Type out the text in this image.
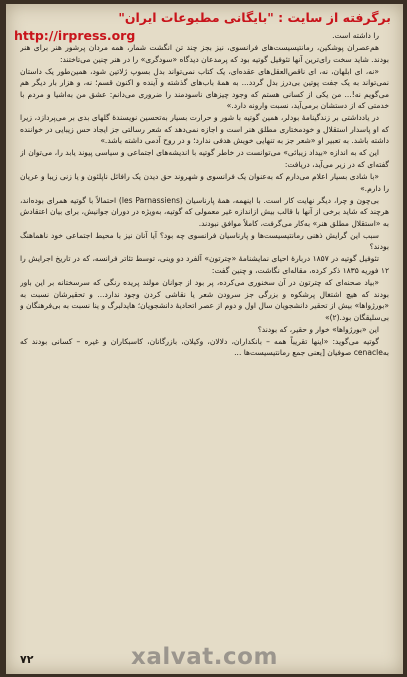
برگرفته از سایت : "بایگانی مطبوعات ایران"
http://irpress.org	را داشته است.

هم‌عصران پوشکین، رمانتیسیست‌های فرانسوی، نیز بجز چند تن انگشت شمار، همه مردان پرشور هنر برای هنر بودند. شاید سخت رای‌ترین آنها تئوفیل گوتیه بود که پرمدعان دیدگاه «سودگری» را در هنر چنین می‌تاختند:

«نه، ای ابلهان، نه، ای ناقص‌العقل‌های عقده‌ای، یک کتاب نمی‌تواند بدل بسوپ ژلاتین شود، همین‌طور یک داستان نمی‌تواند به یک جفت پوتین بی‌درز بدل گردد... به همهٔ باب‌های گذشته و آینده و اکنون قسم؛ نه، و هزار بار دیگر هم می‌گویم نه!... من یکی از کسانی هستم که وجود چیزهای ناسودمند را ضروری می‌دانم: عشق من به‌اشیا و مردم با خدمتی که از دستشان برمی‌آید، نسبت وارونه دارد.»

در یادداشتی بر زندگینامهٔ بودلر، همین گوتیه با شور و حرارت بسیار به‌تحسین نویسندهٔ گلهای بدی بر می‌پردازد، زیرا که او پاسدار استقلال و خودمختاری مطلق هنر است و اجازه نمی‌دهد که شعر رسالتی جز ایجاد حس زیبایی در خواننده داشته باشد. به تعبیر او «شعر جز به تنهایی خویش هدفی ندارد؛ و در روح آدمی داشته باشد.»

این که به اندازه «بیداد زیبائی» می‌توانست در خاطر گوتیه با اندیشه‌های اجتماعی و سیاسی پیوند یابد را، می‌توان از گفته‌ای که در زیر می‌آید، دریافت:

«با شادی بسیار اعلام می‌دارم که به‌عنوان یک فرانسوی و شهروند حق دیدن یک رافائل ناپلئون و یا زنی زیبا و عریان را دارم.»

بی‌چون و چرا، دیگر نهایت کار است. با اینهمه، همهٔ پارناسیان (les Parnassiens) احتمالاً با گوتیه همرای بوده‌اند، هرچند که شاید برخی از آنها با قالب بیش ازاندازه غیر معمولی که گوتیه، به‌ویژه در دوران جوانیش، برای بیان اعتقادش به «استقلال مطلق هنر» به‌کار می‌گرفت، کاملاً موافق نبودند.

سبب این گرایش ذهنی رمانتیسیست‌ها و پارناسیان فرانسوی چه بود؟ آیا آنان نیز با محیط اجتماعی خود ناهماهنگ بودند؟

تئوفیل گوتیه در ۱۸۵۷ دربارهٔ احیای نمایشنامهٔ «چترتون» آلفرد دو وینی، توسط تئاتر فرانسه، که در تاریخ اجرایش را ۱۲ فوریه ۱۸۳۵ ذکر کرده، مقاله‌ای نگاشت، و چنین گفت:

«بیاد صحنه‌ای که چترتون در آن سخنوری می‌کرده، پر بود از جوانان مولند پریده رنگی که سرسختانه بر این باور بودند که هیچ اشتغال پرشکوه و بزرگی جز سرودن شعر یا نقاشی کردن وجود ندارد... و تحقیرشان نسبت به «بورژواها» بیش از تحقیر دانشجویان سال اول و دوم از عصر اتحادیهٔ دانشجویان؛ هایدلبرگ و ینا نسبت به بی‌فرهنگان و بی‌سلیقگان بود.(۲)»

این «بورژواها» خوار و حقیر، که بودند؟

گوتیه می‌گوید: «اینها تقریباً همه – بانکداران، دلالان، وکیلان، بازرگانان، کاسبکاران و غیره – کسانی بودند که به‌cenacle صوفیان [یعنی جمع رمانتیسیست‌ها ...

۷۲	xalvat.com
